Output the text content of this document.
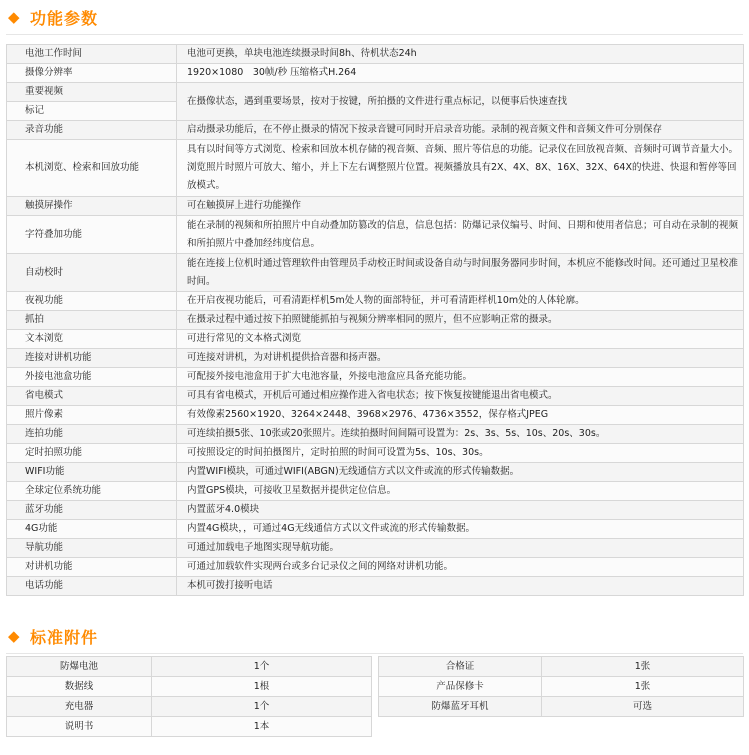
◆ 功能参数
电池工作时间	电池可更换，单块电池连续摄录时间8h、待机状态24h
摄像分辨率	1920×1080　30帧/秒 压缩格式H.264
重要视频	在摄像状态，遇到重要场景，按对于按键，所拍摄的文件进行重点标记，以便事后快速查找
标记	
录音功能	启动摄录功能后，在不停止摄录的情况下按录音键可同时开启录音功能。录制的视音频文件和音频文件可分别保存
本机浏览、检索和回放功能	具有以时间等方式浏览、检索和回放本机存储的视音频、音频、照片等信息的功能。记录仪在回放视音频、音频时可调节音量大小。浏览照片时照片可放大、缩小，并上下左右调整照片位置。视频播放具有2X、4X、8X、16X、32X、64X的快进、快退和暂停等回放模式。
触摸屏操作	可在触摸屏上进行功能操作
字符叠加功能	能在录制的视频和所拍照片中自动叠加防篡改的信息，信息包括：防爆记录仪编号、时间、日期和使用者信息；可自动在录制的视频和所拍照片中叠加经纬度信息。
自动校时	能在连接上位机时通过管理软件由管理员手动校正时间或设备自动与时间服务器同步时间，本机应不能修改时间。还可通过卫星校准时间。
夜视功能	在开启夜视功能后，可看清距样机5m处人物的面部特征，并可看清距样机10m处的人体轮廓。
抓拍	在摄录过程中通过按下拍照键能抓拍与视频分辨率相同的照片，但不应影响正常的摄录。
文本浏览	可进行常见的文本格式浏览
连接对讲机功能	可连接对讲机，为对讲机提供拾音器和扬声器。
外接电池盒功能	可配接外接电池盒用于扩大电池容量，外接电池盒应具备充能功能。
省电模式	可具有省电模式，开机后可通过相应操作进入省电状态；按下恢复按键能退出省电模式。
照片像素	有效像素2560×1920、3264×2448、3968×2976、4736×3552，保存格式JPEG
连拍功能	可连续拍摄5张、10张或20张照片。连续拍摄时间间隔可设置为：2s、3s、5s、10s、20s、30s。
定时拍照功能	可按照设定的时间拍摄图片，定时拍照的时间可设置为5s、10s、30s。
WIFI功能	内置WIFI模块，可通过WIFI(ABGN)无线通信方式以文件或流的形式传输数据。
全球定位系统功能	内置GPS模块，可接收卫星数据并提供定位信息。
蓝牙功能	内置蓝牙4.0模块
4G功能	内置4G模块，，可通过4G无线通信方式以文件或流的形式传输数据。
导航功能	可通过加载电子地图实现导航功能。
对讲机功能	可通过加载软件实现两台或多台记录仪之间的网络对讲机功能。
电话功能	本机可拨打接听电话
◆ 标准附件
防爆电池	1个
数据线	1根
充电器	1个
说明书	1本
合格证	1张
产品保修卡	1张
防爆蓝牙耳机	可选
